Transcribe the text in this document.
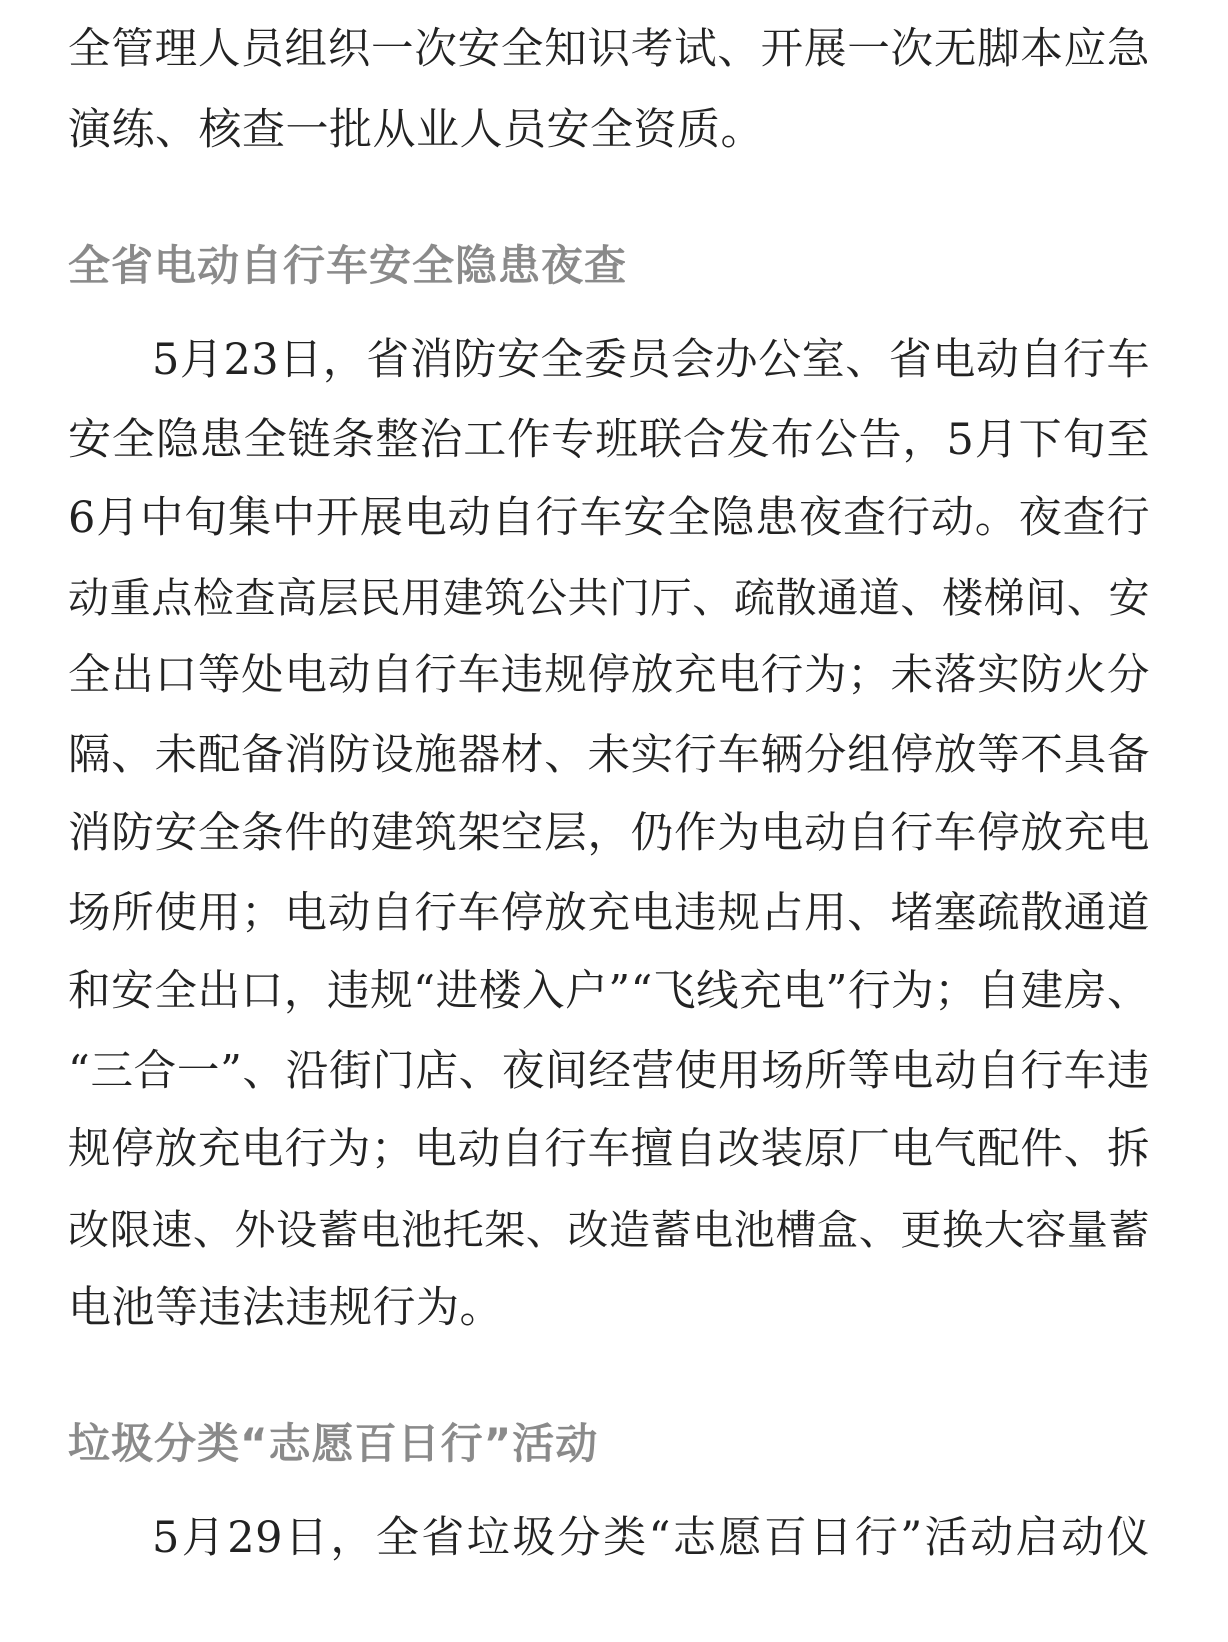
全管理人员组织一次安全知识考试、开展一次无脚本应急
演练、核查一批从业人员安全资质。
全省电动自行车安全隐患夜查
5月23日，省消防安全委员会办公室、省电动自行车
安全隐患全链条整治工作专班联合发布公告，5月下旬至
6月中旬集中开展电动自行车安全隐患夜查行动。夜查行
动重点检查高层民用建筑公共门厅、疏散通道、楼梯间、安
全出口等处电动自行车违规停放充电行为；未落实防火分
隔、未配备消防设施器材、未实行车辆分组停放等不具备
消防安全条件的建筑架空层，仍作为电动自行车停放充电
场所使用；电动自行车停放充电违规占用、堵塞疏散通道
和安全出口，违规“进楼入户”“飞线充电”行为；自建房、
“三合一”、沿街门店、夜间经营使用场所等电动自行车违
规停放充电行为；电动自行车擅自改装原厂电气配件、拆
改限速、外设蓄电池托架、改造蓄电池槽盒、更换大容量蓄
电池等违法违规行为。
垃圾分类“志愿百日行”活动
5月29日，全省垃圾分类“志愿百日行”活动启动仪
